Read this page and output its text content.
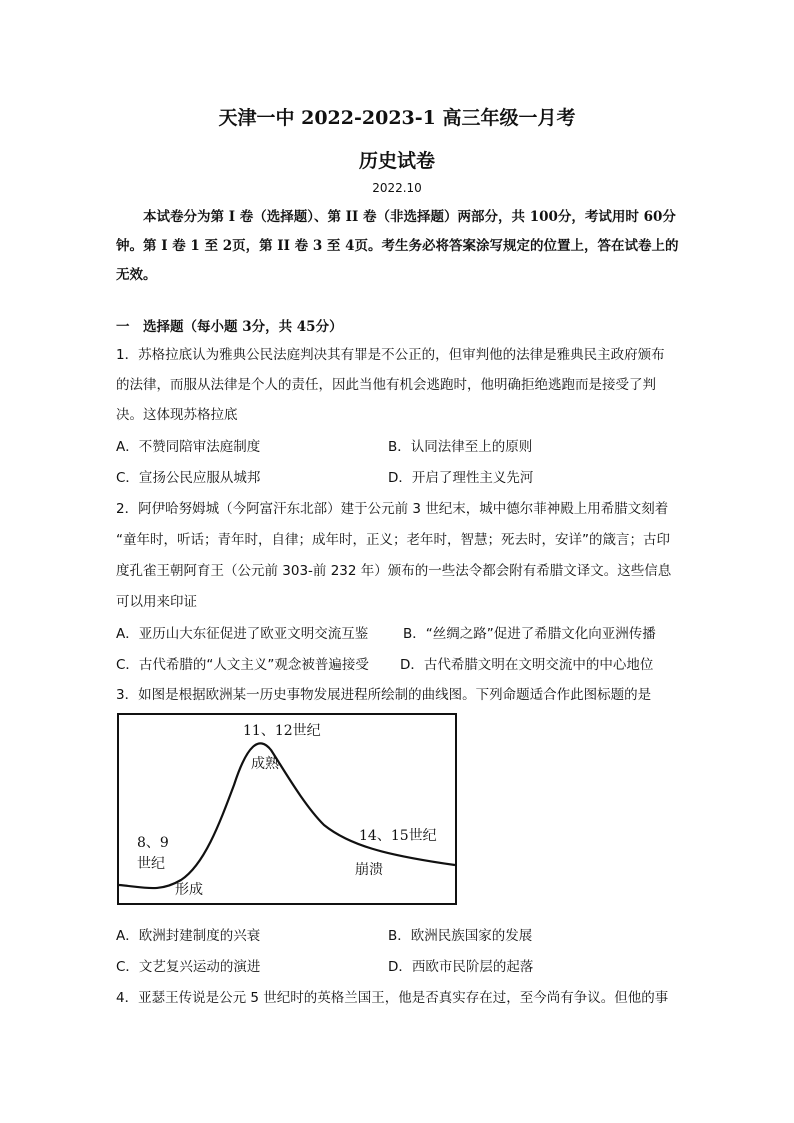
天津一中 2022-2023-1 高三年级一月考
历史试卷
2022.10
本试卷分为第 I 卷（选择题）、第 II 卷（非选择题）两部分，共 100分，考试用时 60分
钟。第 I 卷 1 至 2页，第 II 卷 3 至 4页。考生务必将答案涂写规定的位置上，答在试卷上的
无效。
一　选择题（每小题 3分，共 45分）
1．苏格拉底认为雅典公民法庭判决其有罪是不公正的，但审判他的法律是雅典民主政府颁布
的法律，而服从法律是个人的责任，因此当他有机会逃跑时，他明确拒绝逃跑而是接受了判
决。这体现苏格拉底
A．不赞同陪审法庭制度	B．认同法律至上的原则
C．宣扬公民应服从城邦	D．开启了理性主义先河
2．阿伊哈努姆城（今阿富汗东北部）建于公元前 3 世纪末，城中德尔菲神殿上用希腊文刻着
“童年时，听话；青年时，自律；成年时，正义；老年时，智慧；死去时，安详”的箴言；古印
度孔雀王朝阿育王（公元前 303-前 232 年）颁布的一些法令都会附有希腊文译文。这些信息
可以用来印证
A．亚历山大东征促进了欧亚文明交流互鉴	B．“丝绸之路”促进了希腊文化向亚洲传播
C．古代希腊的“人文主义”观念被普遍接受 D．古代希腊文明在文明交流中的中心地位
3．如图是根据欧洲某一历史事物发展进程所绘制的曲线图。下列命题适合作此图标题的是
11、12世纪
成熟
8、9
世纪
形成
14、15世纪
崩溃
A．欧洲封建制度的兴衰	B．欧洲民族国家的发展
C．文艺复兴运动的演进	D．西欧市民阶层的起落
4．亚瑟王传说是公元 5 世纪时的英格兰国王，他是否真实存在过，至今尚有争议。但他的事
